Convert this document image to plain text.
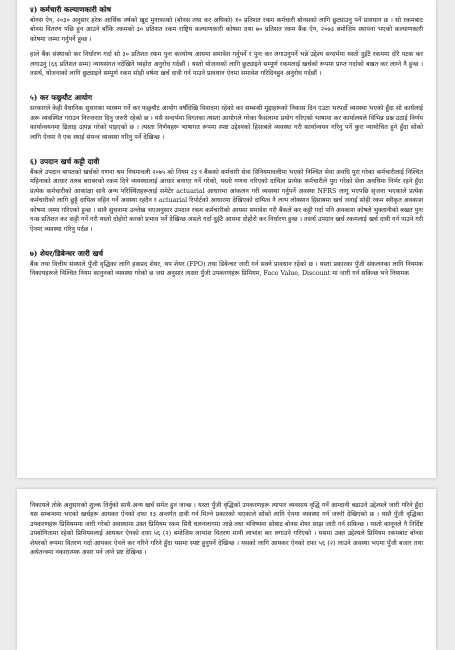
४) कर्मचारी कल्याणकारी कोष

बोनस ऐन, २०३० अनुसार हरेक आर्थिक वर्षको खुद मुनाफाको (बोनस तथा कर अघिको) १० प्रतिशत रकम कर्मचारी बोनसको लागि छुट्याउनु पर्ने प्रावधान छ । सो रकमबाट बोनस वितरण पछि हुन आउने बाँकि रकमको ३० प्रतिशत रकम राष्ट्रिय कल्याणकारी कोषमा तथा ७० प्रतिशत रकम बैंक ऐन, २०७३ बमोजिम स्थापना भएको कल्याणकारी कोषमा जम्मा गर्नुपर्ने हुन्छ ।

हाले बैंक संस्थाको कर निर्धारण गर्दा सो ३० प्रतिशत रकम पुनः करयोग्य आयमा समावेश गर्नुपर्ने र पुनः कर लगाउनुपर्ने भन्ने उद्देश्य सन्दर्भमा यस्तो दुईटै रकममा दोरै पटक कर लगाउनु (६६ प्रतिशत सम्म) न्यायसंगत नदेखिने व्यहोरा अनुरोध गर्दछौं । यस्तो योजनाको लागि छुट्याइने सम्पूर्ण रकमलाई खर्चको रूपमा प्राप्त गर्दाको बखत कर लाग्ने नै हुन्छ । तसर्थ, योजनाको लागि छुट्याइने सम्पूर्ण रकम सोही वर्षमा खर्च दावी गर्न पाउने प्रावधान ऐनमा समावेश गरिदिनहुन अनुरोध गर्दछौं ।

५) कर फछ्र्यौट आयोग

सरकारले केही वैधानिक सुधारका माध्यम गर्ने कर फछ्र्यौट आयोग वर्षौंदेखि विवादमा रहेको कर सम्बन्धी मुद्दाहरूको निकास दिन एउटा भरपर्दो व्यवस्था भएको हुँदा सो कार्यलाई अरू व्यवस्थित गराउन निरन्तरता दिनु जरुरी रहेको छ । यसै सन्दर्भमा विगतका त्यस्ता आयोगले गरेका फैसलामा प्रयोग गरिएको भाषामा कर कार्यालयले विभिन्न प्रश्न उठाई निर्णय कार्यान्वयनमा ढिलाइ उत्पन्न गरेको पाइएको छ । त्यस्ता निर्णयहरू भाषागत रूपमा स्पष्ट उद्देश्यको हिसाबले व्यवस्था गरी कार्यान्वयन गरिनु पर्ने कुरा न्यायोचित हुने हुँदा सोको लागि ऐनमा नै एक स्थाई संयन्त्र व्यवस्था गरिनु पर्ने देखिन्छ ।

६) उपदान खर्च कट्टी दावी

बैंकले उपदान बापतको खर्चको गणना श्रम नियमावली २०७५ को नियम २३ र बैंकको कर्मचारी सेवा विनियमावलीमा भएको निश्चित सेवा अवधि पुरा गरेका कर्मचारीलाई निश्चित महिनाको आधार तलब बराबरको रकम दिने व्यवस्थालाई आधार बनाएर गर्ने गरेको, यस्तो गणना गरिएको दायित्व प्रत्येक कर्मचारीले पुरा गरेको सेवा अवधिमा निर्भर रहने हुँदा प्रत्येक कर्मचारीको आकांक्षा सावै अन्य परिस्थितहरूलाई समेटेर actuarial आधारमा आंकलन गरी व्यवस्था गर्नुपर्ने अवस्था NFRS लागू भएपछि सृजना भएकाले प्रत्येक कर्मचारीको लागि छुट्टै दायित्व वहिन गर्ने अवस्था रहदैन र actuarial रिपोर्टको आधारमा देखिएको दायित्व नै लाभ लोक्सान हिसाबमा खर्च जनाई सोही रकम स्वीकृत अवकाश कोषमा जम्मा गरिएको हुन्छ । सावै सुचनामा उल्लेख भएअनुसार उपदान रकम कर्मचारीको आयमा समावेश गरी बैंकले कर कट्टी गर्दा पनि अवकाश कोषले भुक्तानीको बखत पुनः गन्थ्र प्रतिशत कर कट्टी गर्ने गरी यस्तो दोहोरो करको प्रभाव पर्ने देखिन्छ जसले गर्दा दुईटै आयमा दोहोरो कर निर्धारण हुन्छ । तसर्थ उपदान खर्च रकमलाई खर्च दावी गर्न पाउने गरी ऐनमा व्यवस्था गरिनु पर्दछ ।

७) शेयर/डिबेन्चर जारी खर्च

बैंक तथा वित्तीय संस्थाले पुँजी वृद्धिका लागि हकप्रद शेयर, थप शेयर (FPO) तथा डिबेन्चर जारी गर्न सक्ने प्रावधान रहेको छ । यस्ता प्रकारका पुँजी संकलनका लागि नियमक निकायहरूले निश्चित नियम कानुनको व्यवस्था गरेको छ जस अनुसार त्यस्ता पुँजी उपकरणहरू प्रिमियम, Face Value, Discount मा जारी गर्न सकिन्छ भने नियामक

निकायले तोके अनुसारको शुल्क तिर्नुको साथै अन्य खर्च समेत हुन जान्छ । यस्ता पुँजी वृद्धिको उपकरणहरू त्यापार व्यवसाय वृद्धि गर्ने आम्दानी बढाउने उद्देश्यले जारी गरिने हुँदा यस सम्बन्धमा भएको खर्चहरू आयकर ऐनको दफा १३ अन्तर्गत दावी गर्न मिल्ने प्रकारको भएकाले सोको लागि ऐनमा व्यवस्था गर्न जरुरी देखिएको छ । यस्तै पुँजी वृद्धिका उपकरणहरू प्रिमियममा जारी गरेको अवस्थामा उक्त प्रिमियम रकम सिधै चलनलागमा जान्ने तथा भविष्यमा सोबाट बोनस शेयर साझ जारी गर्न सकिन्छ । यस्तो कानूनले नै निर्दिष्ट उपयोगितामा रहेको प्रिमियमलाई आयकर ऐनको दफा ५६ (२) बमोजिम लाभांश वितरण मानी लाभांश कर लगाउने गरिएको । यसमा उक्त उद्देश्यले प्रिमियम रकमबाट बोनस शेयरको रूपमा वितरण गर्दा आयकर ऐनले कर गरिने गरिने हुँदा यसमा स्पष्ट हुनुपर्ने देखिन्छ । यसको लागि आयकर ऐनको दफा ५६ (२) लाउने अवस्था भएमा पुँजी बजार तथा अथेतन्त्रमा नकारात्मक असर पर्न जाने प्रष्ट देखिन्छ ।
